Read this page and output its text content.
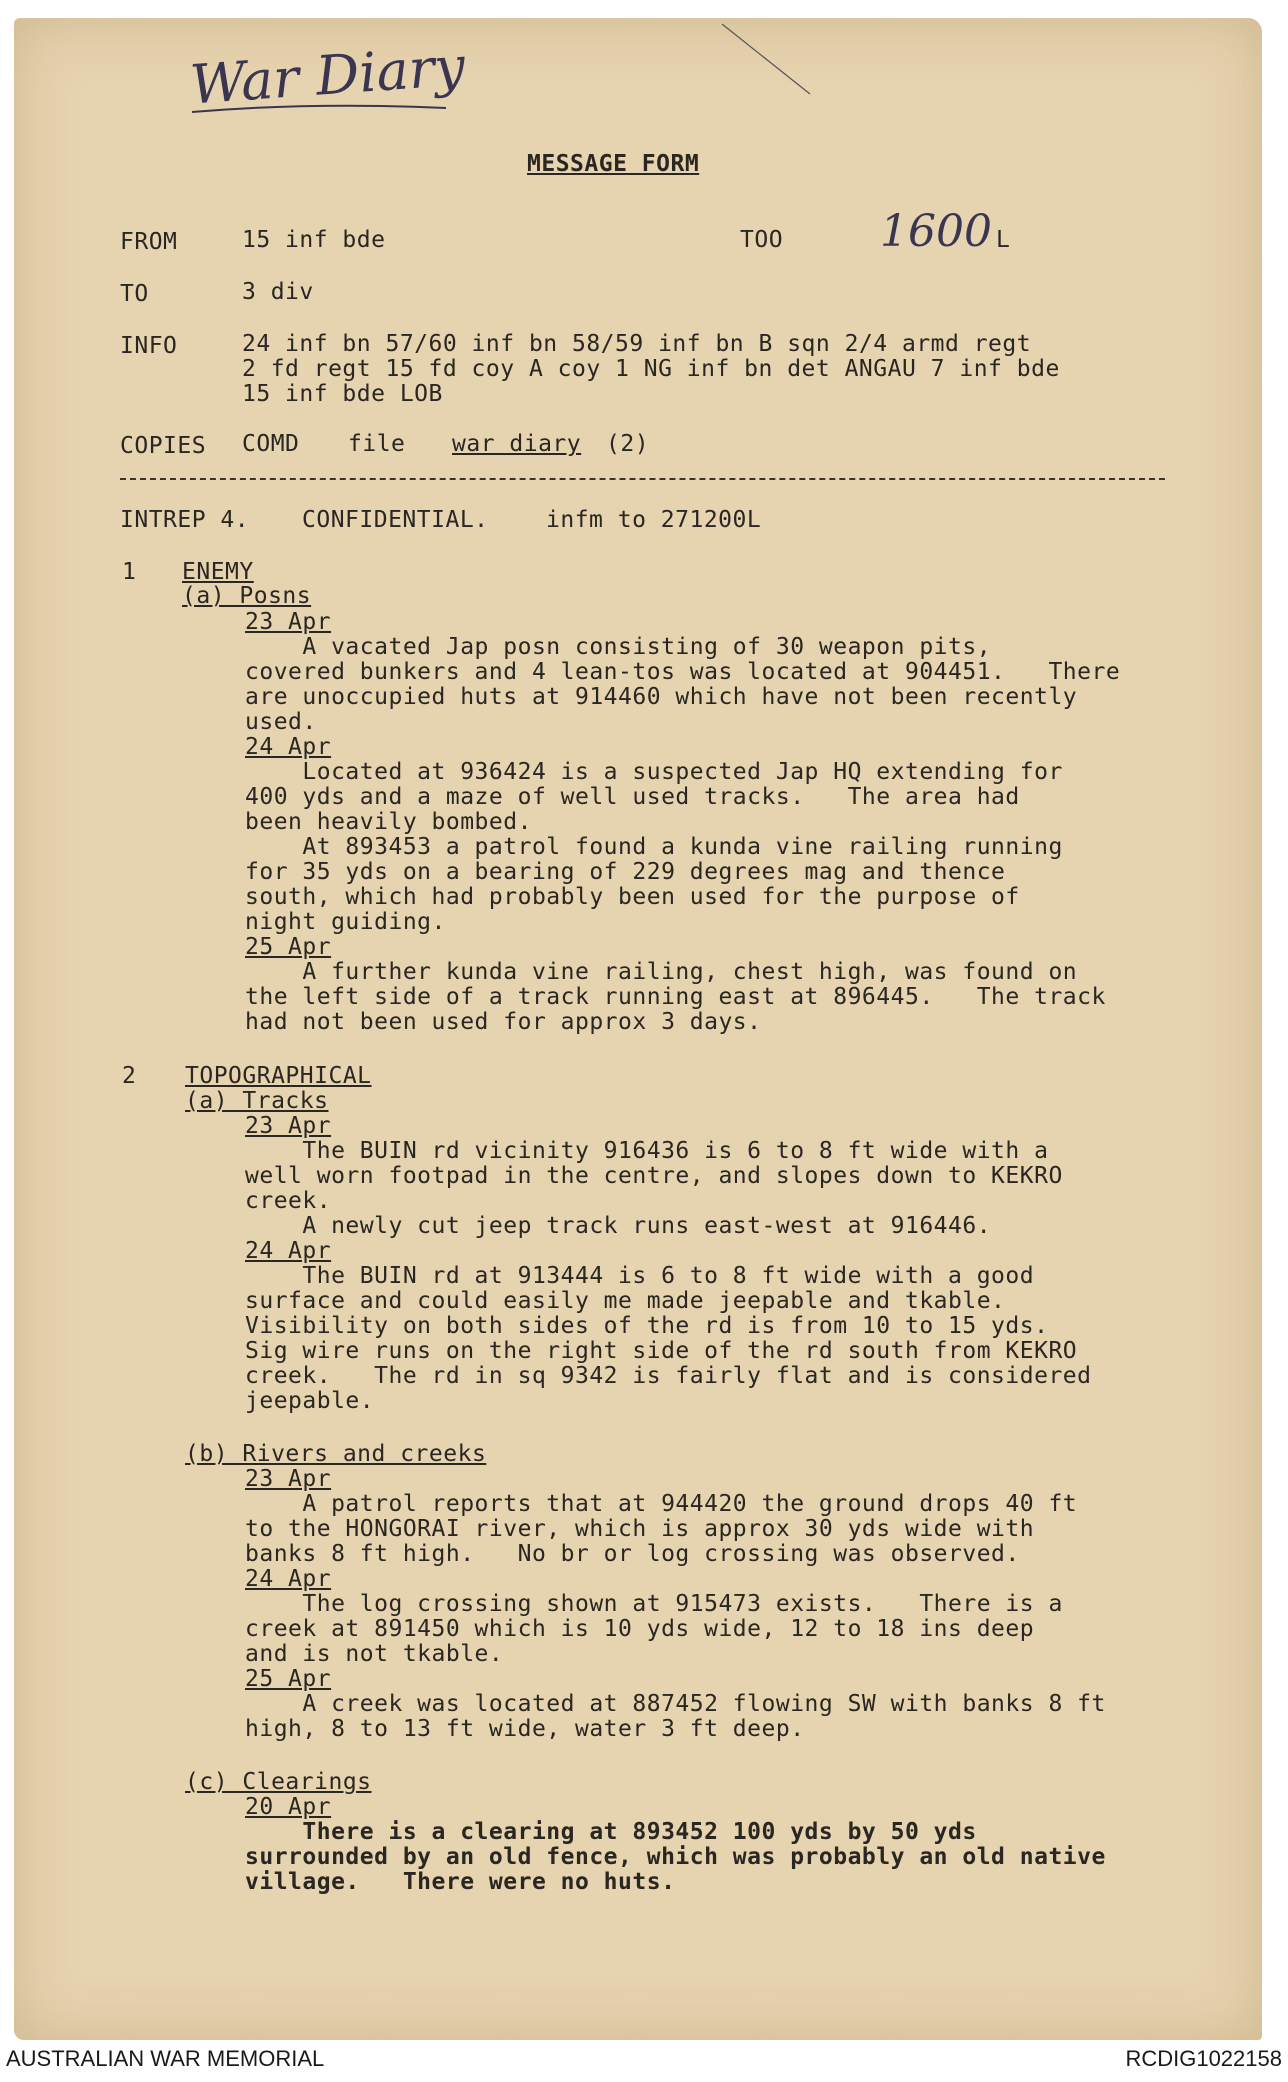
War Diary
MESSAGE FORM
FROM	15 inf bde	TOO 1600 L
TO	3 div
INFO	24 inf bn 57/60 inf bn 58/59 inf bn B sqn 2/4 armd regt
2 fd regt 15 fd coy A coy 1 NG inf bn det ANGAU 7 inf bde
15 inf bde LOB
COPIES COMD file war diary (2)
INTREP 4. CONFIDENTIAL. infm to 271200L
1 ENEMY
(a) Posns
23 Apr
A vacated Jap posn consisting of 30 weapon pits,
covered bunkers and 4 lean-tos was located at 904451.   There
are unoccupied huts at 914460 which have not been recently
used.
24 Apr
Located at 936424 is a suspected Jap HQ extending for
400 yds and a maze of well used tracks.   The area had
been heavily bombed.
At 893453 a patrol found a kunda vine railing running
for 35 yds on a bearing of 229 degrees mag and thence
south, which had probably been used for the purpose of
night guiding.
25 Apr
A further kunda vine railing, chest high, was found on
the left side of a track running east at 896445.   The track
had not been used for approx 3 days.
2 TOPOGRAPHICAL
(a) Tracks
23 Apr
The BUIN rd vicinity 916436 is 6 to 8 ft wide with a
well worn footpad in the centre, and slopes down to KEKRO
creek.
A newly cut jeep track runs east-west at 916446.
24 Apr
The BUIN rd at 913444 is 6 to 8 ft wide with a good
surface and could easily me made jeepable and tkable.
Visibility on both sides of the rd is from 10 to 15 yds.
Sig wire runs on the right side of the rd south from KEKRO
creek.   The rd in sq 9342 is fairly flat and is considered
jeepable.
(b) Rivers and creeks
23 Apr
A patrol reports that at 944420 the ground drops 40 ft
to the HONGORAI river, which is approx 30 yds wide with
banks 8 ft high.   No br or log crossing was observed.
24 Apr
The log crossing shown at 915473 exists.   There is a
creek at 891450 which is 10 yds wide, 12 to 18 ins deep
and is not tkable.
25 Apr
A creek was located at 887452 flowing SW with banks 8 ft
high, 8 to 13 ft wide, water 3 ft deep.
(c) Clearings
20 Apr
There is a clearing at 893452 100 yds by 50 yds
surrounded by an old fence, which was probably an old native
village.   There were no huts.
AUSTRALIAN WAR MEMORIAL	RCDIG1022158
